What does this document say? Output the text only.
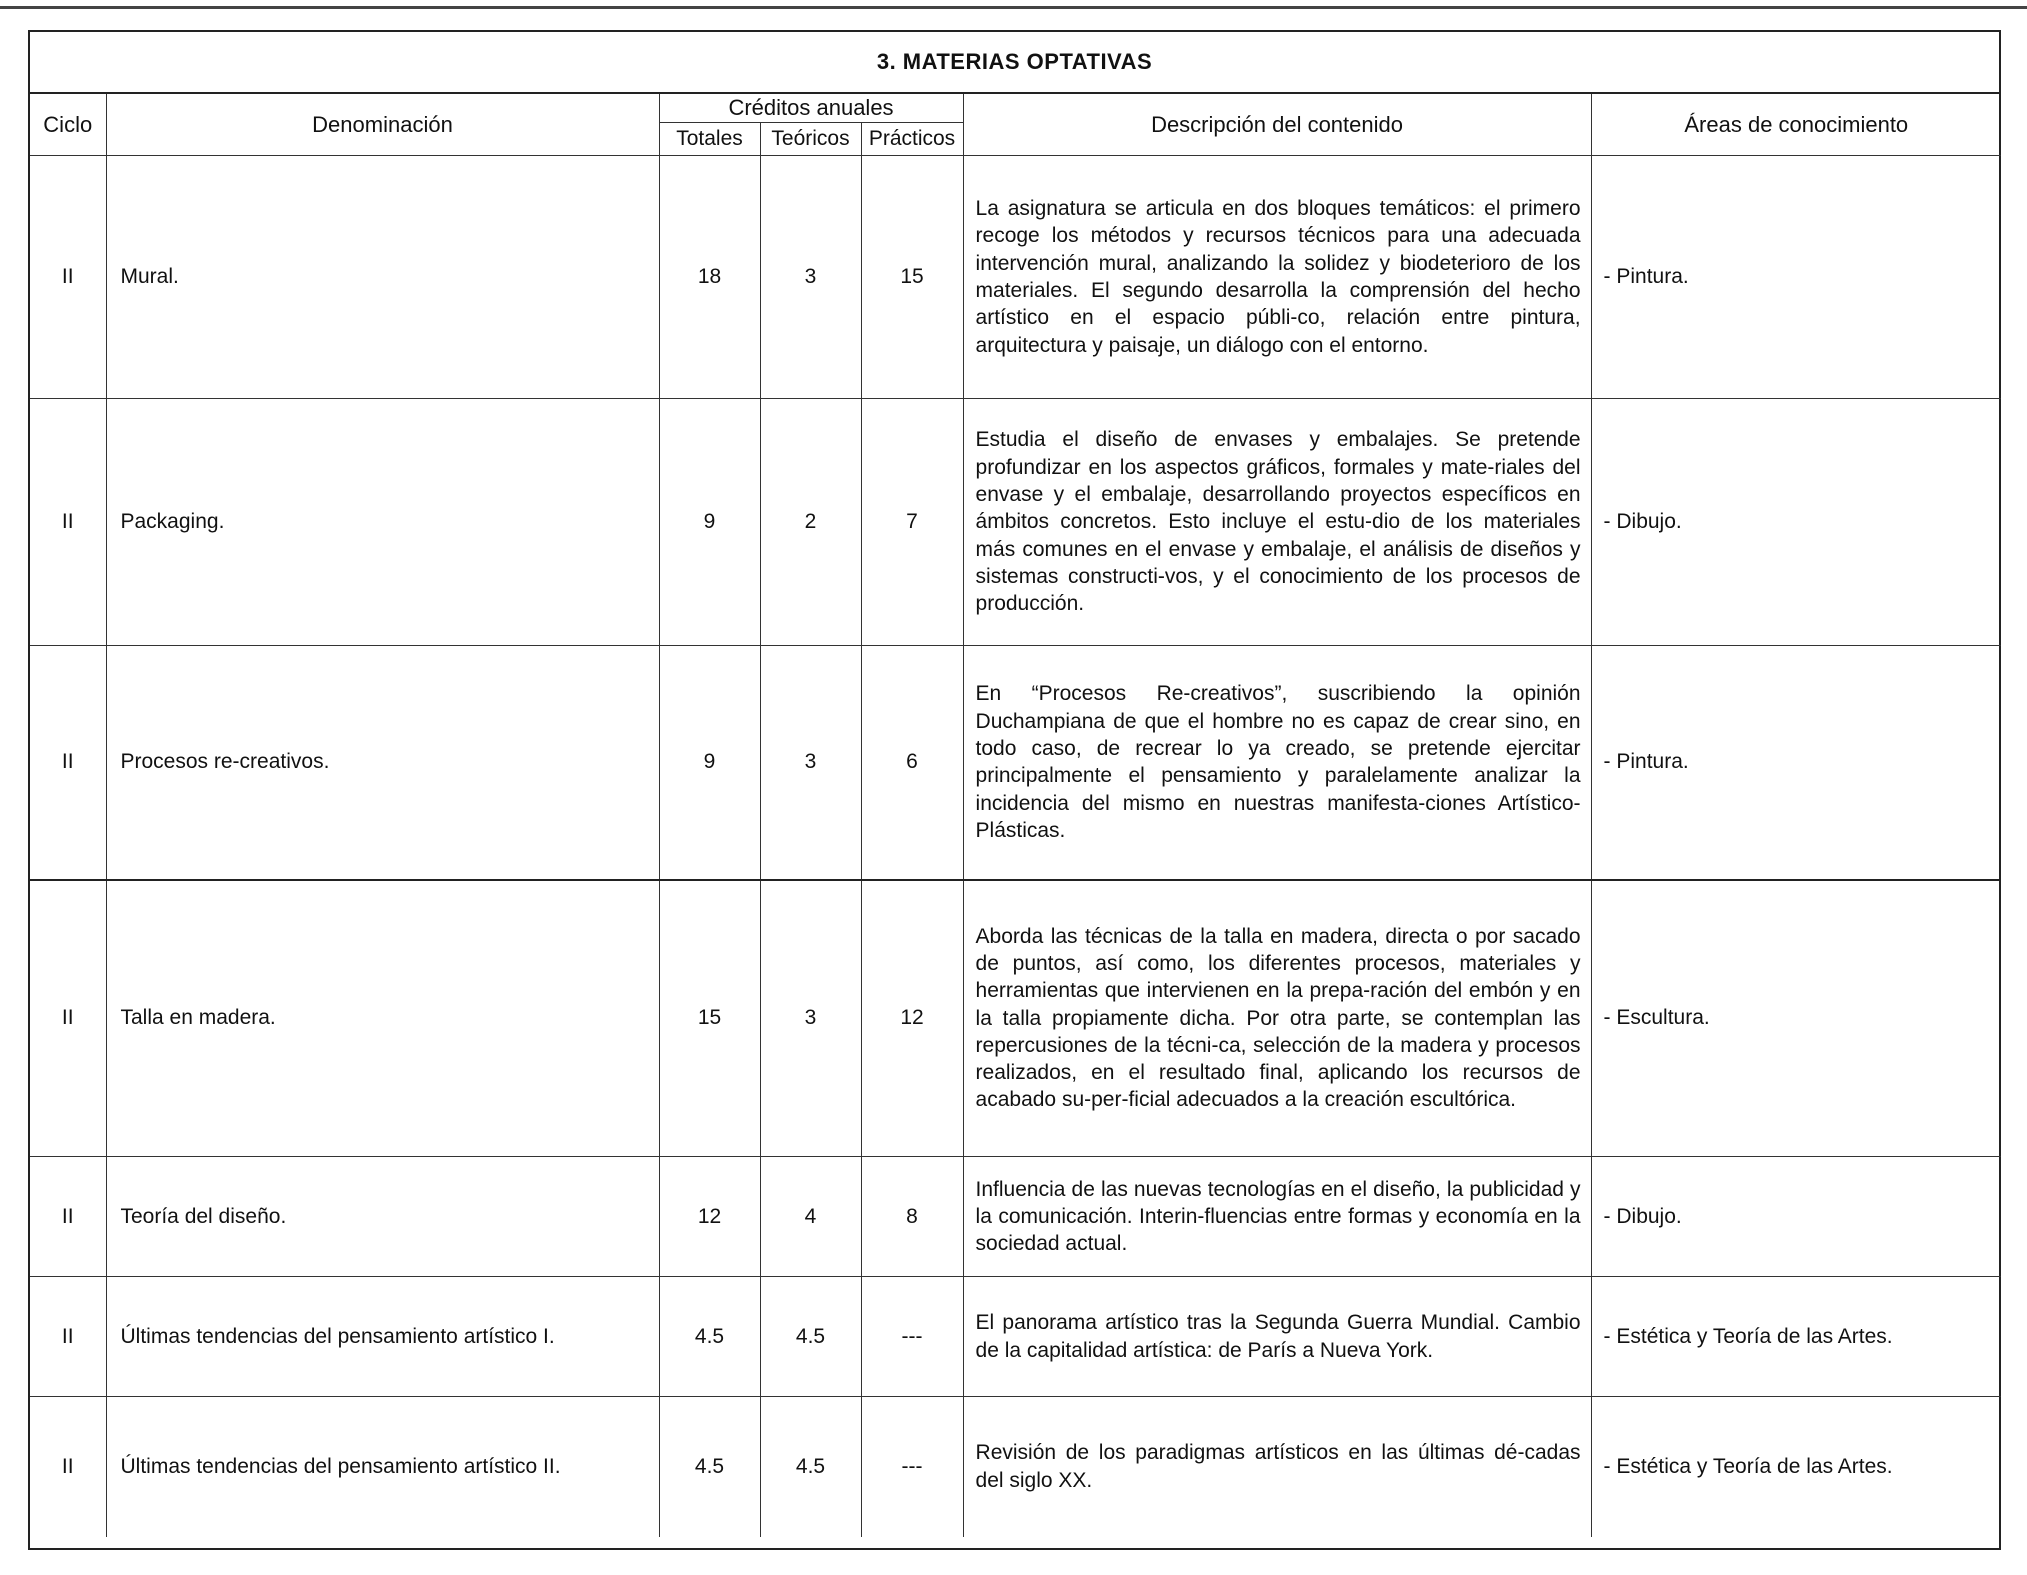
3. MATERIAS OPTATIVAS
Ciclo	Denominación	Créditos anuales			Descripción del contenido	Áreas de conocimiento
		Totales	Teóricos	Prácticos		
II	Mural.	18	3	15	La asignatura se articula en dos bloques temáticos: el primero recoge los métodos y recursos técnicos para una adecuada intervención mural, analizando la solidez y biodeterioro de los materiales. El segundo desarrolla la comprensión del hecho artístico en el espacio públi-co, relación entre pintura, arquitectura y paisaje, un diálogo con el entorno.	- Pintura.
II	Packaging.	9	2	7	Estudia el diseño de envases y embalajes. Se pretende profundizar en los aspectos gráficos, formales y mate-riales del envase y el embalaje, desarrollando proyectos específicos en ámbitos concretos. Esto incluye el estu-dio de los materiales más comunes en el envase y embalaje, el análisis de diseños y sistemas constructi-vos, y el conocimiento de los procesos de producción.	- Dibujo.
II	Procesos re-creativos.	9	3	6	En “Procesos Re-creativos”, suscribiendo la opinión Duchampiana de que el hombre no es capaz de crear sino, en todo caso, de recrear lo ya creado, se pretende ejercitar principalmente el pensamiento y paralelamente analizar la incidencia del mismo en nuestras manifesta-ciones Artístico-Plásticas.	- Pintura.
II	Talla en madera.	15	3	12	Aborda las técnicas de la talla en madera, directa o por sacado de puntos, así como, los diferentes procesos, materiales y herramientas que intervienen en la prepa-ración del embón y en la talla propiamente dicha. Por otra parte, se contemplan las repercusiones de la técni-ca, selección de la madera y procesos realizados, en el resultado final, aplicando los recursos de acabado su-per-ficial adecuados a la creación escultórica.	- Escultura.
II	Teoría del diseño.	12	4	8	Influencia de las nuevas tecnologías en el diseño, la publicidad y la comunicación. Interin-fluencias entre formas y economía en la sociedad actual.	- Dibujo.
II	Últimas tendencias del pensamiento artístico I.	4.5	4.5	---	El panorama artístico tras la Segunda Guerra Mundial. Cambio de la capitalidad artística: de París a Nueva York.	- Estética y Teoría de las Artes.
II	Últimas tendencias del pensamiento artístico II.	4.5	4.5	---	Revisión de los paradigmas artísticos en las últimas dé-cadas del siglo XX.	- Estética y Teoría de las Artes.
